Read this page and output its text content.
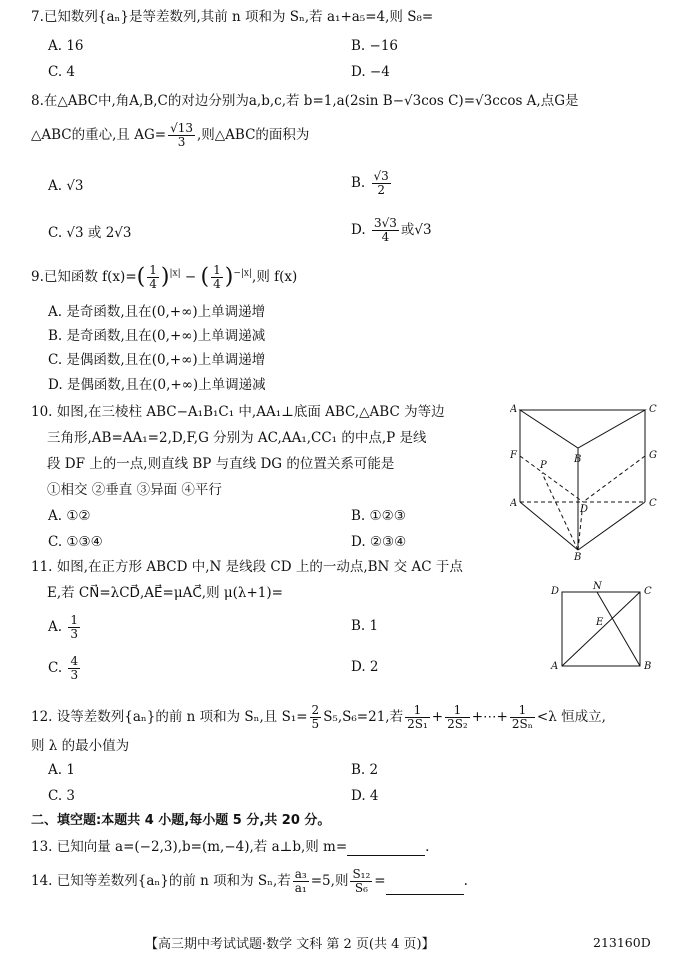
7.已知数列{aₙ}是等差数列,其前 n 项和为 Sₙ,若 a₁+a₅=4,则 S₈=
A. 16	B. −16
C. 4	D. −4
8.在△ABC中,角A,B,C的对边分别为a,b,c,若 b=1,a(2sin B−√3cos C)=√3ccos A,点G是
△ABC的重心,且 $AG= \frac{√13}{3}$ ,则△ABC的面积为
A. √3	B. $\frac{√3}{2}$
C. √3 或 2√3	D. $\frac{3√3}{4}$ 或√3
9.已知函数 $f(x)=( \frac{1}{4} )^{|x|}$ − ( $\frac{1}{4} )^{-|x|}$,则 f(x)
A. 是奇函数,且在(0,+∞)上单调递增
B. 是奇函数,且在(0,+∞)上单调递减
C. 是偶函数,且在(0,+∞)上单调递增
D. 是偶函数,且在(0,+∞)上单调递减
10. 如图,在三棱柱 ABC−A₁B₁C₁ 中,AA₁⊥底面 ABC,△ABC 为等边
三角形,AB=AA₁=2,D,F,G 分别为 AC,AA₁,CC₁ 的中点,P 是线
段 DF 上的一点,则直线 BP 与直线 DG 的位置关系可能是
①相交 ②垂直 ③异面 ④平行
A. ①②	B. ①②③
C. ①③④	D. ②③④
A	C
B
F
P
G
A
D
C
B
11. 如图,在正方形 ABCD 中,N 是线段 CD 上的一动点,BN 交 AC 于点
E,若 CN⃗=λCD⃗,AE⃗=μAC⃗,则 μ(λ+1)=
A. $\frac{1}{3}$	B. 1
C. $\frac{4}{3}$	D. 2
D	N	C
E
A	B
12. 设等差数列{aₙ}的前 n 项和为 Sₙ,且 $S_1= \frac{2}{5} S_5,S_6=21$,若 $\frac{1}{\text{2S₁}} + \frac{1}{\text{2S₂}}$ +⋯+ $\frac{1}{\text{2Sₙ}} <\lambda$ 恒成立,
则 λ 的最小值为
A. 1	B. 2
C. 3	D. 4
二、填空题:本题共 4 小题,每小题 5 分,共 20 分。
13. 已知向量 a=(−2,3),b=(m,−4),若 a⊥b,则 m=	.
14. 已知等差数列{aₙ}的前 n 项和为 Sₙ,若 $\frac{\text{a₃}}{\text{a₁}} =5$,则 $\frac{\text{S₁₂}}{\text{S₆}}$ =	.
【高三期中考试试题·数学 文科 第 2 页(共 4 页)】	213160D
